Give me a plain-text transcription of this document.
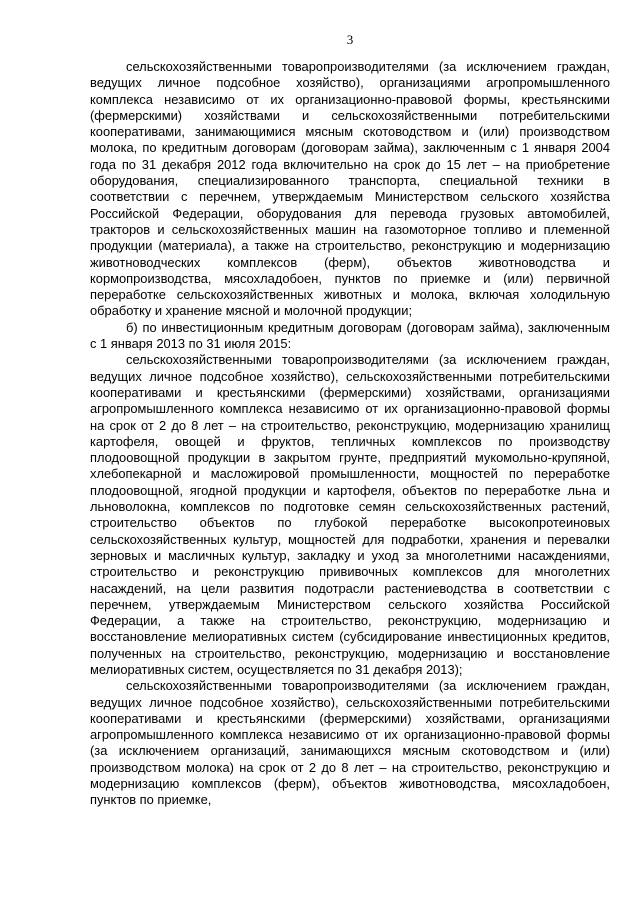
3

сельскохозяйственными товаропроизводителями (за исключением граждан, ведущих личное подсобное хозяйство), организациями агропромышленного комплекса независимо от их организационно-правовой формы, крестьянскими (фермерскими) хозяйствами и сельскохозяйственными потребительскими кооперативами, занимающимися мясным скотоводством и (или) производством молока, по кредитным договорам (договорам займа), заключенным с 1 января 2004 года по 31 декабря 2012 года включительно на срок до 15 лет – на приобретение оборудования, специализированного транспорта, специальной техники в соответствии с перечнем, утверждаемым Министерством сельского хозяйства Российской Федерации, оборудования для перевода грузовых автомобилей, тракторов и сельскохозяйственных машин на газомоторное топливо и племенной продукции (материала), а также на строительство, реконструкцию и модернизацию животноводческих комплексов (ферм), объектов животноводства и кормопроизводства, мясохладобоен, пунктов по приемке и (или) первичной переработке сельскохозяйственных животных и молока, включая холодильную обработку и хранение мясной и молочной продукции;

б) по инвестиционным кредитным договорам (договорам займа), заключенным с 1 января 2013 по 31 июля 2015:

сельскохозяйственными товаропроизводителями (за исключением граждан, ведущих личное подсобное хозяйство), сельскохозяйственными потребительскими кооперативами и крестьянскими (фермерскими) хозяйствами, организациями агропромышленного комплекса независимо от их организационно-правовой формы на срок от 2 до 8 лет – на строительство, реконструкцию, модернизацию хранилищ картофеля, овощей и фруктов, тепличных комплексов по производству плодоовощной продукции в закрытом грунте, предприятий мукомольно-крупяной, хлебопекарной и масложировой промышленности, мощностей по переработке плодоовощной, ягодной продукции и картофеля, объектов по переработке льна и льноволокна, комплексов по подготовке семян сельскохозяйственных растений, строительство объектов по глубокой переработке высокопротеиновых сельскохозяйственных культур, мощностей для подработки, хранения и перевалки зерновых и масличных культур, закладку и уход за многолетними насаждениями, строительство и реконструкцию прививочных комплексов для многолетних насаждений, на цели развития подотрасли растениеводства в соответствии с перечнем, утверждаемым Министерством сельского хозяйства Российской Федерации, а также на строительство, реконструкцию, модернизацию и восстановление мелиоративных систем (субсидирование инвестиционных кредитов, полученных на строительство, реконструкцию, модернизацию и восстановление мелиоративных систем, осуществляется по 31 декабря 2013);

сельскохозяйственными товаропроизводителями (за исключением граждан, ведущих личное подсобное хозяйство), сельскохозяйственными потребительскими кооперативами и крестьянскими (фермерскими) хозяйствами, организациями агропромышленного комплекса независимо от их организационно-правовой формы (за исключением организаций, занимающихся мясным скотоводством и (или) производством молока) на срок от 2 до 8 лет – на строительство, реконструкцию и модернизацию комплексов (ферм), объектов животноводства, мясохладобоен, пунктов по приемке,
